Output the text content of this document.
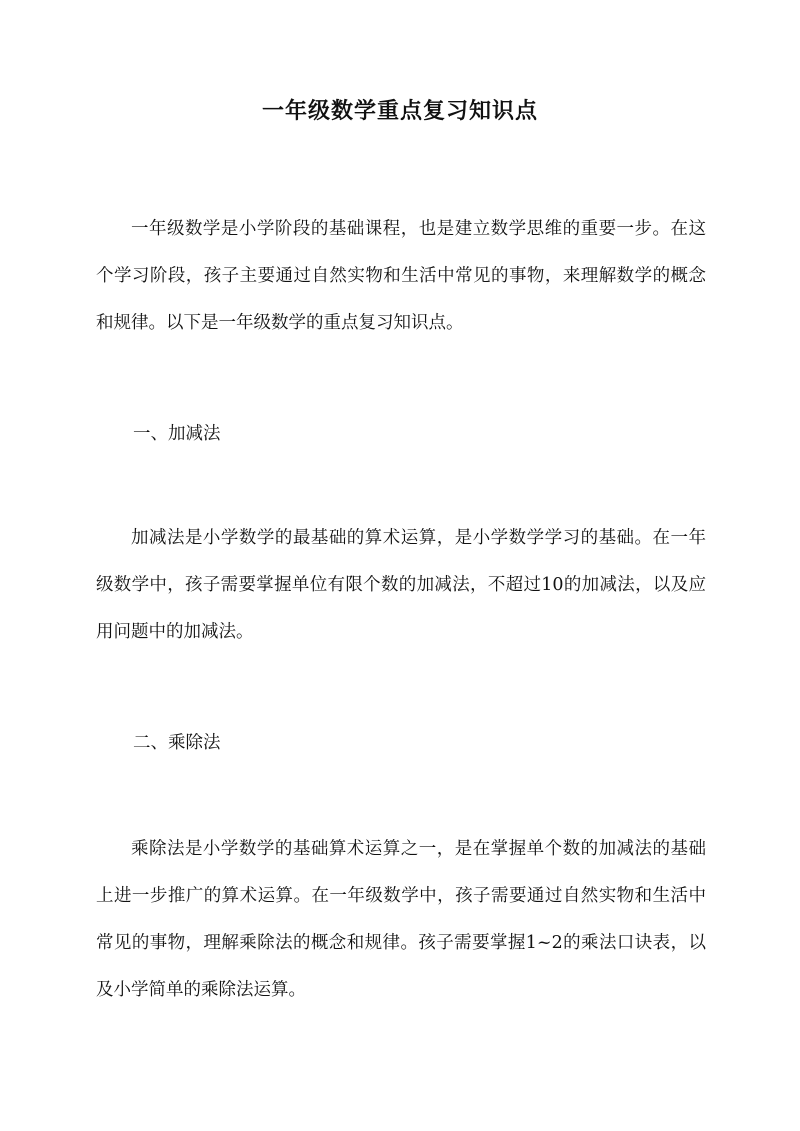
一年级数学重点复习知识点

一年级数学是小学阶段的基础课程，也是建立数学思维的重要一步。在这个学习阶段，孩子主要通过自然实物和生活中常见的事物，来理解数学的概念和规律。以下是一年级数学的重点复习知识点。

一、加减法

加减法是小学数学的最基础的算术运算，是小学数学学习的基础。在一年级数学中，孩子需要掌握单位有限个数的加减法，不超过10的加减法，以及应用问题中的加减法。

二、乘除法

乘除法是小学数学的基础算术运算之一，是在掌握单个数的加减法的基础上进一步推广的算术运算。在一年级数学中，孩子需要通过自然实物和生活中常见的事物，理解乘除法的概念和规律。孩子需要掌握1~2的乘法口诀表，以及小学简单的乘除法运算。
